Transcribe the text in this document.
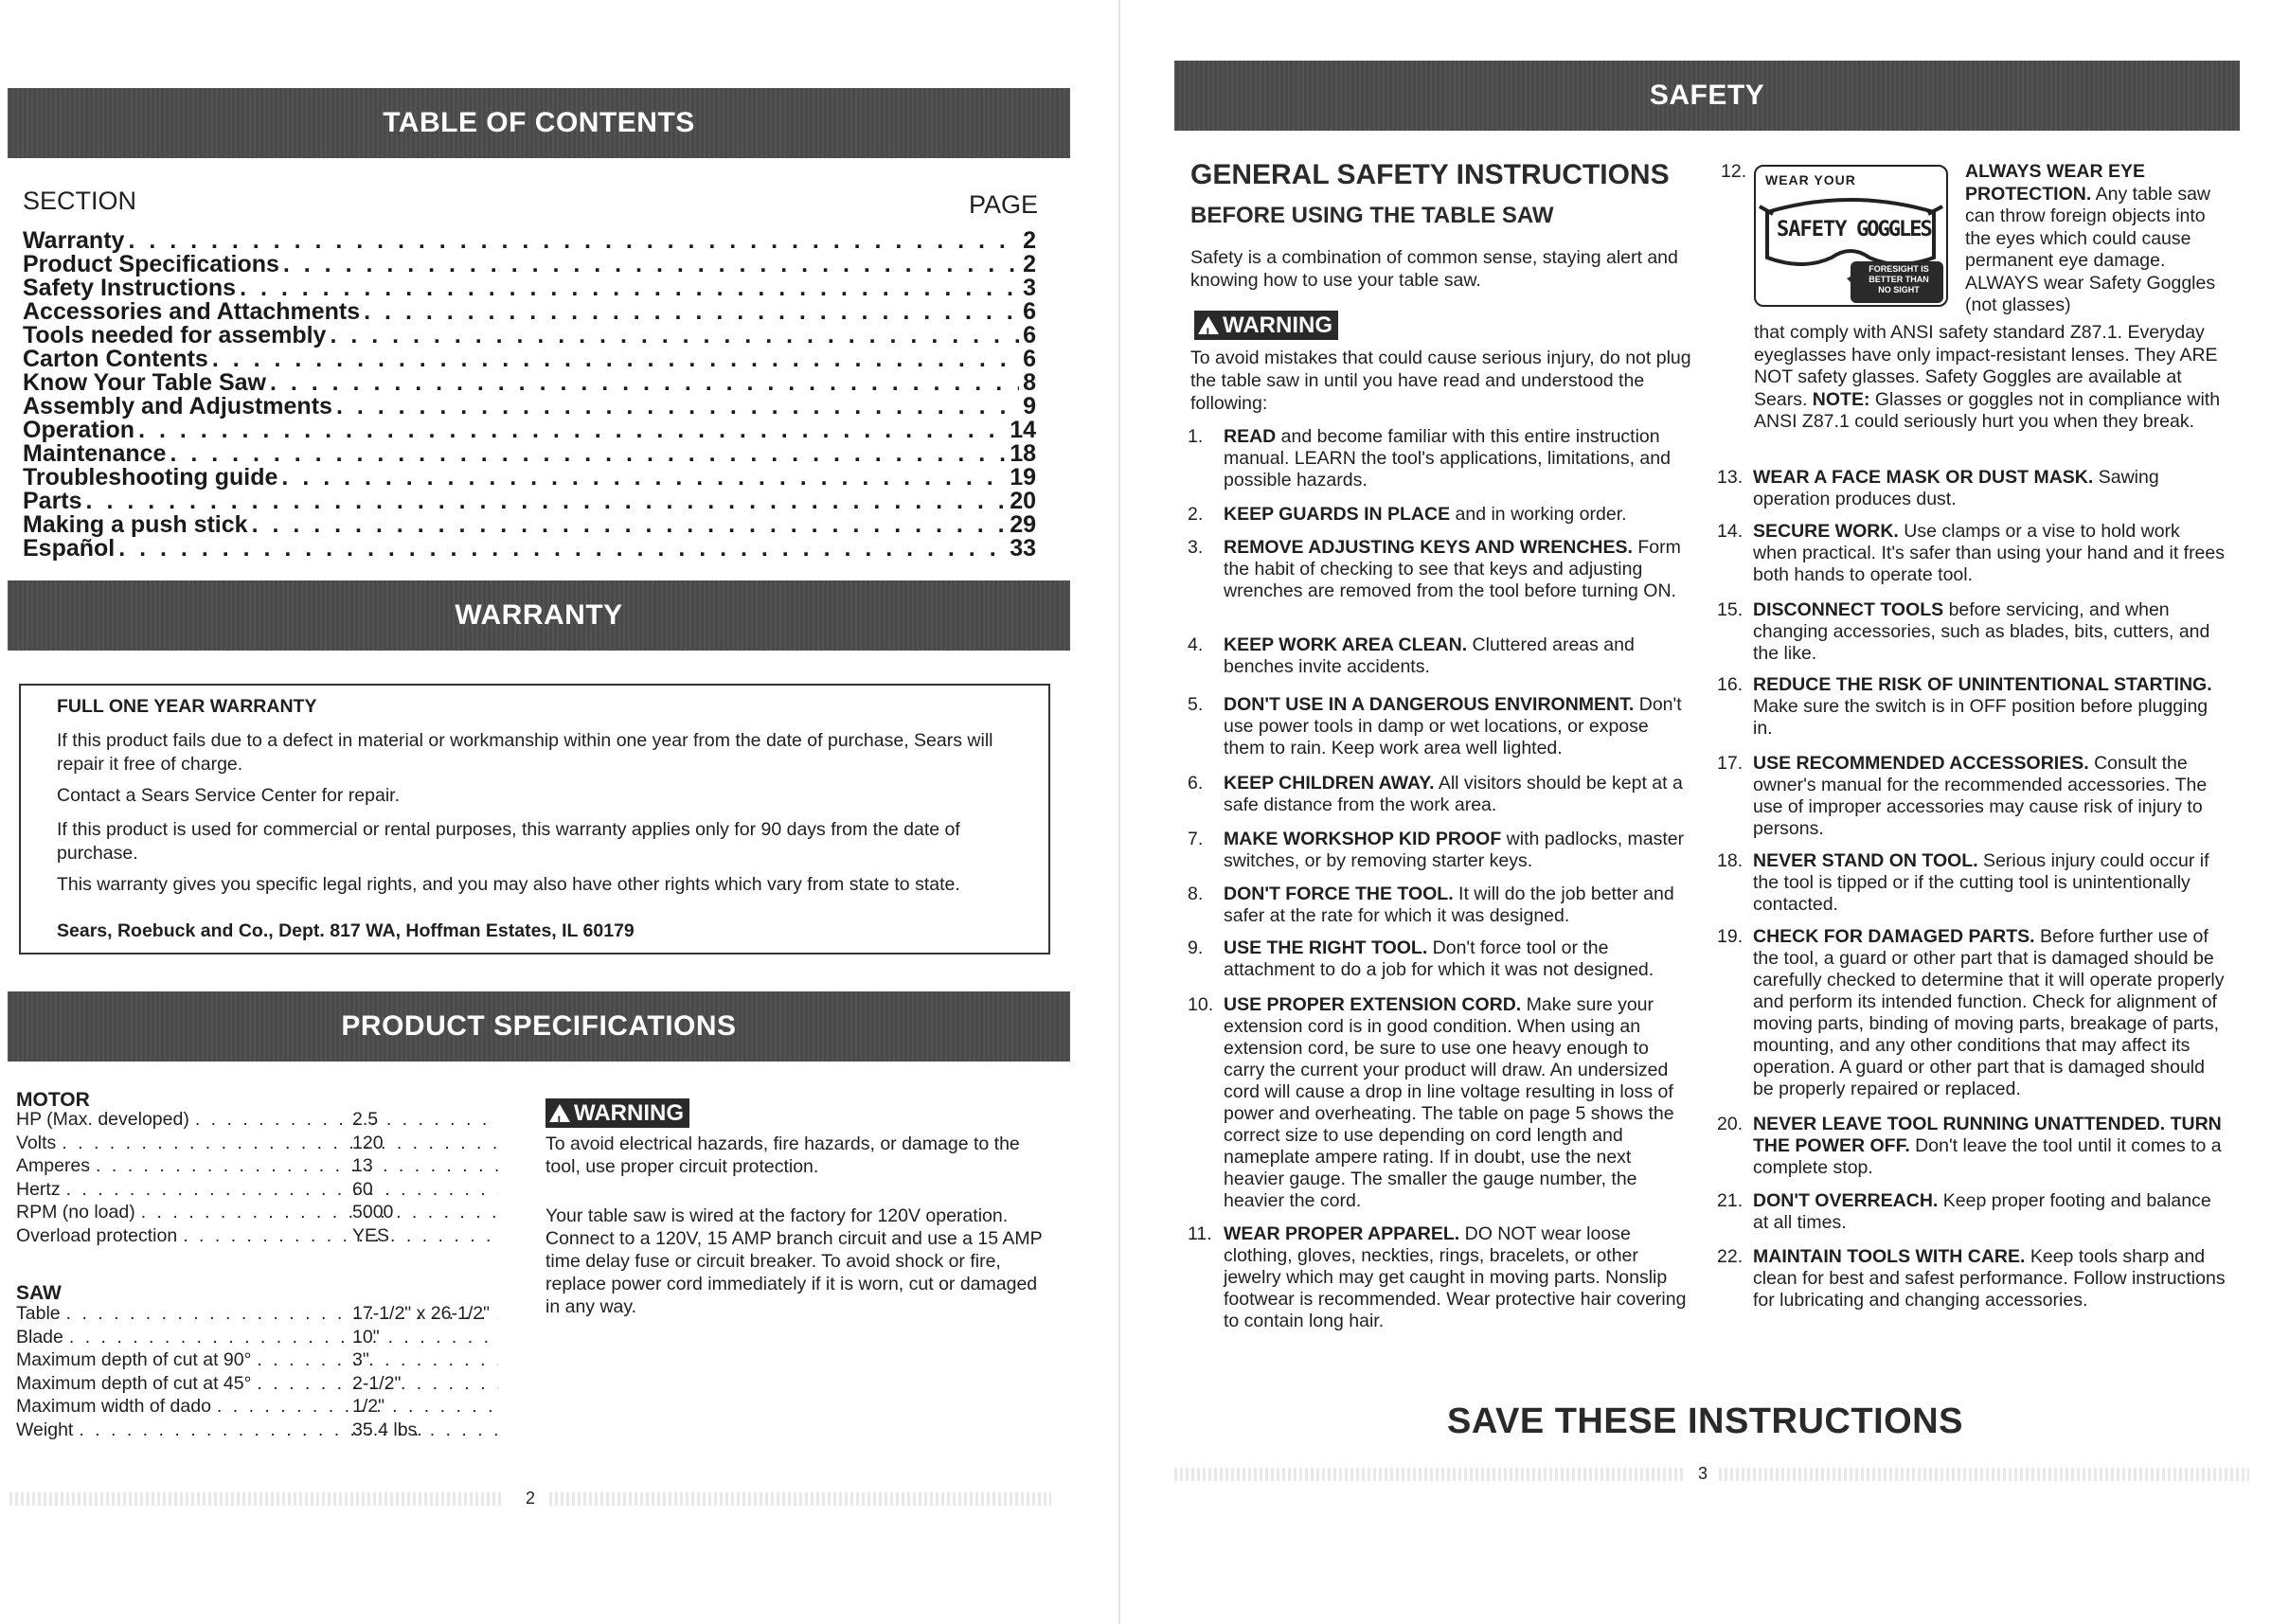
TABLE OF CONTENTS
SECTION	PAGE
Warranty . . .	2
Product Specifications . . .	2
Safety Instructions . . .	3
Accessories and Attachments . . .	6
Tools needed for assembly . . .	6
Carton Contents . . .	6
Know Your Table Saw . . .	8
Assembly and Adjustments . . .	9
Operation . . .	14
Maintenance . . .	18
Troubleshooting guide . . .	19
Parts . . .	20
Making a push stick . . .	29
Español . . .	33
WARRANTY
FULL ONE YEAR WARRANTY
If this product fails due to a defect in material or workmanship within one year from the date of purchase, Sears will repair it free of charge.
Contact a Sears Service Center for repair.
If this product is used for commercial or rental purposes, this warranty applies only for 90 days from the date of purchase.
This warranty gives you specific legal rights, and you may also have other rights which vary from state to state.
Sears, Roebuck and Co., Dept. 817 WA, Hoffman Estates, IL 60179
PRODUCT SPECIFICATIONS
MOTOR
HP (Max. developed) . . .	2.5
Volts . . .	120
Amperes . . .	13
Hertz . . .	60
RPM (no load) . . .	5000
Overload protection . . .	YES
SAW
Table . . .	17-1/2" x 26-1/2"
Blade . . .	10"
Maximum depth of cut at 90° . . .	3"
Maximum depth of cut at 45° . . .	2-1/2"
Maximum width of dado . . .	1/2"
Weight . . .	35.4 lbs.
!WARNING
To avoid electrical hazards, fire hazards, or damage to the tool, use proper circuit protection.
Your table saw is wired at the factory for 120V operation. Connect to a 120V, 15 AMP branch circuit and use a 15 AMP time delay fuse or circuit breaker. To avoid shock or fire, replace power cord immediately if it is worn, cut or damaged in any way.
2
SAFETY
GENERAL SAFETY INSTRUCTIONS
BEFORE USING THE TABLE SAW
Safety is a combination of common sense, staying alert and knowing how to use your table saw.
!WARNING
To avoid mistakes that could cause serious injury, do not plug the table saw in until you have read and understood the following:
1. READ and become familiar with this entire instruction manual. LEARN the tool's applications, limitations, and possible hazards.
2. KEEP GUARDS IN PLACE and in working order.
3. REMOVE ADJUSTING KEYS AND WRENCHES. Form the habit of checking to see that keys and adjusting wrenches are removed from the tool before turning ON.
4. KEEP WORK AREA CLEAN. Cluttered areas and benches invite accidents.
5. DON'T USE IN A DANGEROUS ENVIRONMENT. Don't use power tools in damp or wet locations, or expose them to rain. Keep work area well lighted.
6. KEEP CHILDREN AWAY. All visitors should be kept at a safe distance from the work area.
7. MAKE WORKSHOP KID PROOF with padlocks, master switches, or by removing starter keys.
8. DON'T FORCE THE TOOL. It will do the job better and safer at the rate for which it was designed.
9. USE THE RIGHT TOOL. Don't force tool or the attachment to do a job for which it was not designed.
10. USE PROPER EXTENSION CORD. Make sure your extension cord is in good condition. When using an extension cord, be sure to use one heavy enough to carry the current your product will draw. An undersized cord will cause a drop in line voltage resulting in loss of power and overheating. The table on page 5 shows the correct size to use depending on cord length and nameplate ampere rating. If in doubt, use the next heavier gauge. The smaller the gauge number, the heavier the cord.
11. WEAR PROPER APPAREL. DO NOT wear loose clothing, gloves, neckties, rings, bracelets, or other jewelry which may get caught in moving parts. Nonslip footwear is recommended. Wear protective hair covering to contain long hair.
12. WEAR YOUR
SAFETY GOGGLES
FORESIGHT IS
BETTER THAN
NO SIGHT
ALWAYS WEAR EYE PROTECTION. Any table saw can throw foreign objects into the eyes which could cause permanent eye damage. ALWAYS wear Safety Goggles (not glasses)
that comply with ANSI safety standard Z87.1. Everyday eyeglasses have only impact-resistant lenses. They ARE NOT safety glasses. Safety Goggles are available at Sears. NOTE: Glasses or goggles not in compliance with ANSI Z87.1 could seriously hurt you when they break.
13. WEAR A FACE MASK OR DUST MASK. Sawing operation produces dust.
14. SECURE WORK. Use clamps or a vise to hold work when practical. It's safer than using your hand and it frees both hands to operate tool.
15. DISCONNECT TOOLS before servicing, and when changing accessories, such as blades, bits, cutters, and the like.
16. REDUCE THE RISK OF UNINTENTIONAL STARTING. Make sure the switch is in OFF position before plugging in.
17. USE RECOMMENDED ACCESSORIES. Consult the owner's manual for the recommended accessories. The use of improper accessories may cause risk of injury to persons.
18. NEVER STAND ON TOOL. Serious injury could occur if the tool is tipped or if the cutting tool is unintentionally contacted.
19. CHECK FOR DAMAGED PARTS. Before further use of the tool, a guard or other part that is damaged should be carefully checked to determine that it will operate properly and perform its intended function. Check for alignment of moving parts, binding of moving parts, breakage of parts, mounting, and any other conditions that may affect its operation. A guard or other part that is damaged should be properly repaired or replaced.
20. NEVER LEAVE TOOL RUNNING UNATTENDED. TURN THE POWER OFF. Don't leave the tool until it comes to a complete stop.
21. DON'T OVERREACH. Keep proper footing and balance at all times.
22. MAINTAIN TOOLS WITH CARE. Keep tools sharp and clean for best and safest performance. Follow instructions for lubricating and changing accessories.
SAVE THESE INSTRUCTIONS
3
